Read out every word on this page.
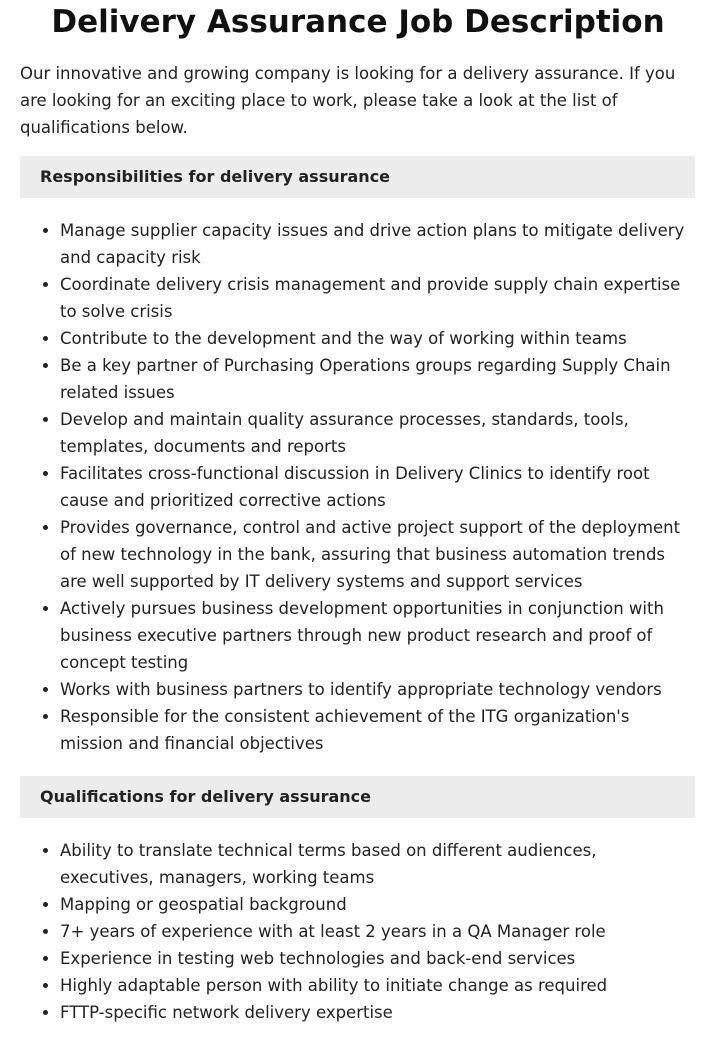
Delivery Assurance Job Description

Our innovative and growing company is looking for a delivery assurance. If you are looking for an exciting place to work, please take a look at the list of qualifications below.

Responsibilities for delivery assurance
• Manage supplier capacity issues and drive action plans to mitigate delivery and capacity risk
• Coordinate delivery crisis management and provide supply chain expertise to solve crisis
• Contribute to the development and the way of working within teams
• Be a key partner of Purchasing Operations groups regarding Supply Chain related issues
• Develop and maintain quality assurance processes, standards, tools, templates, documents and reports
• Facilitates cross-functional discussion in Delivery Clinics to identify root cause and prioritized corrective actions
• Provides governance, control and active project support of the deployment of new technology in the bank, assuring that business automation trends are well supported by IT delivery systems and support services
• Actively pursues business development opportunities in conjunction with business executive partners through new product research and proof of concept testing
• Works with business partners to identify appropriate technology vendors
• Responsible for the consistent achievement of the ITG organization's mission and financial objectives
Qualifications for delivery assurance
• Ability to translate technical terms based on different audiences, executives, managers, working teams
• Mapping or geospatial background
• 7+ years of experience with at least 2 years in a QA Manager role
• Experience in testing web technologies and back-end services
• Highly adaptable person with ability to initiate change as required
• FTTP-specific network delivery expertise
